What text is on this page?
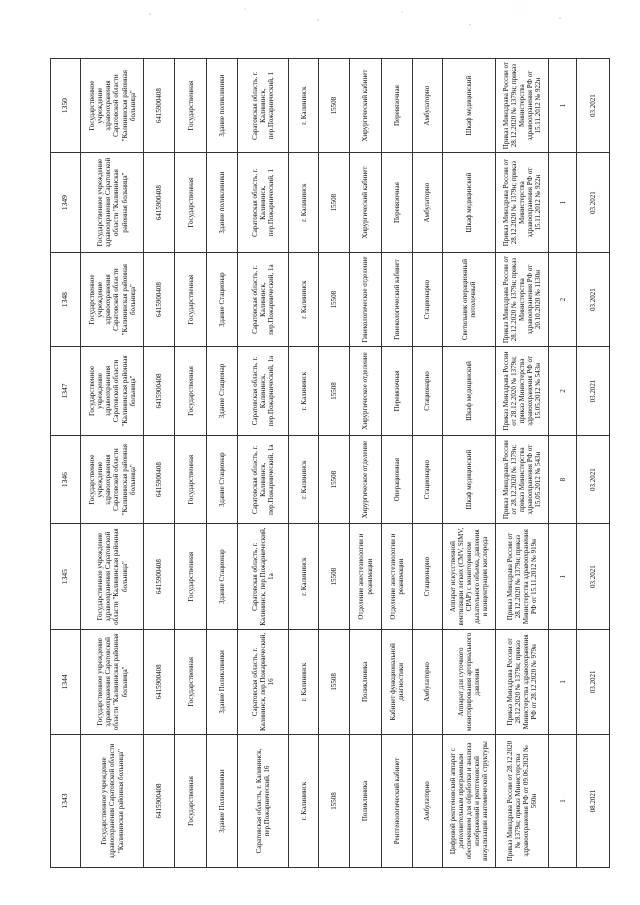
1343	1344	1345	1346	1347	1348	1349	1350
Государственное учреждение здравоохранения Саратовской области "Калининская районная больница"	Государственное учреждение здравоохранения Саратовской области "Калининская районная больница"	Государственное учреждение здравоохранения Саратовской области "Калининская районная больница"	Государственное учреждение здравоохранения Саратовской области "Калининская районная больница"	Государственное учреждение здравоохранения Саратовской области "Калининская районная больница"	Государственное учреждение здравоохранения Саратовской области "Калининская районная больница"	Государственное учреждение здравоохранения Саратовской области "Калининская районная больница"	Государственное учреждение здравоохранения Саратовской области "Калининская районная больница"
6415900408	6415900408	6415900408	6415900408	6415900408	6415900408	6415900408	6415900408
Государственная	Государственная	Государственная	Государственная	Государственная	Государственная	Государственная	Государственная
Здание Поликлиники	Здание Поликлиники	Здание Стационар	Здание Стационар	Здание Стационар	Здание Стационар	Здание поликлиники	Здание поликлиники
Саратовская область, г. Калининск, пер.Пожарнический, 16	Саратовская область, г. Калининск, пер.Пожарнический, 16	Саратовская область, г. Калининск, пер.Пожарнический, 1а	Саратовская область, г. Калининск, пер.Пожарнический, 1а	Саратовская область, г. Калининск, пер.Пожарнический, 1а	Саратовская область, г. Калининск, пер.Пожарнический, 1а	Саратовская область, г. Калининск, пер.Пожарнический, 1	Саратовская область, г. Калининск, пер.Пожарнический, 1
г. Калининск	г. Калининск	г. Калининск	г. Калининск	г. Калининск	г. Калининск	г. Калининск	г. Калининск
15508	15508	15508	15508	15508	15508	15508	15508
Поликлиника	Поликлиника	Отделение анестезиологии и реанимации	Хирургическое отделение	Хирургическое отделение	Гинекологическое отделение	Хирургический кабинет	Хирургический кабинет
Рентгенологический кабинет	Кабинет функциональной диагностики	Отделение анестезиологии и реанимации	Операционная	Перевязочная	Гинекологический кабинет	Перевязочная	Перевязочная
Амбулаторно	Амбулаторно	Стационарно	Стационарно	Стационарно	Стационарно	Амбулаторно	Амбулаторно
Цифровой рентгеновский аппарат с дополнительным программным обеспечением для обработки и анализа изображений и рентгеновской визуализации анатомической структуры	Аппарат для суточного мониторирования артериального давления	Аппарат искусственной вентиляции легких (CMV, SIMV, CPAP) с мониторингом дыхательного объема, давления и концентрации кислорода	Шкаф медицинский	Шкаф медицинский	Светильник операционный потолочный	Шкаф медицинский	Шкаф медицинский
Приказ Минздрава России от 28.12.2020 № 1379н; приказ Министерства здравоохранения РФ от 09.06.2020 № 560н	Приказ Минздрава России от 28.12.2020 № 1379н; приказ Министерства здравоохранения РФ от 28.12.2020 № 979н	Приказ Минздрава России от 28.12.2020 № 1379н; приказ Министерства здравоохранения РФ от 15.11.2012 № 919н	Приказ Минздрава России от 28.12.2020 № 1379н; приказ Министерства здравоохранения РФ от 15.05.2012 № 543н	Приказ Минздрава России от 28.12.2020 № 1379н; приказ Министерства здравоохранения РФ от 15.05.2012 № 543н	Приказ Минздрава России от 28.12.2020 № 1379н; приказ Министерства здравоохранения РФ от 20.10.2020 № 1130н	Приказ Минздрава России от 28.12.2020 № 1379н; приказ Министерства здравоохранения РФ от 15.11.2012 № 922н	Приказ Минздрава России от 28.12.2020 № 1379н; приказ Министерства здравоохранения РФ от 15.11.2012 № 922н
1	1	1	8	2	2	1	1
08.2021	03.2021	03.2021	03.2021	03.2021	03.2021	03.2021	03.2021
